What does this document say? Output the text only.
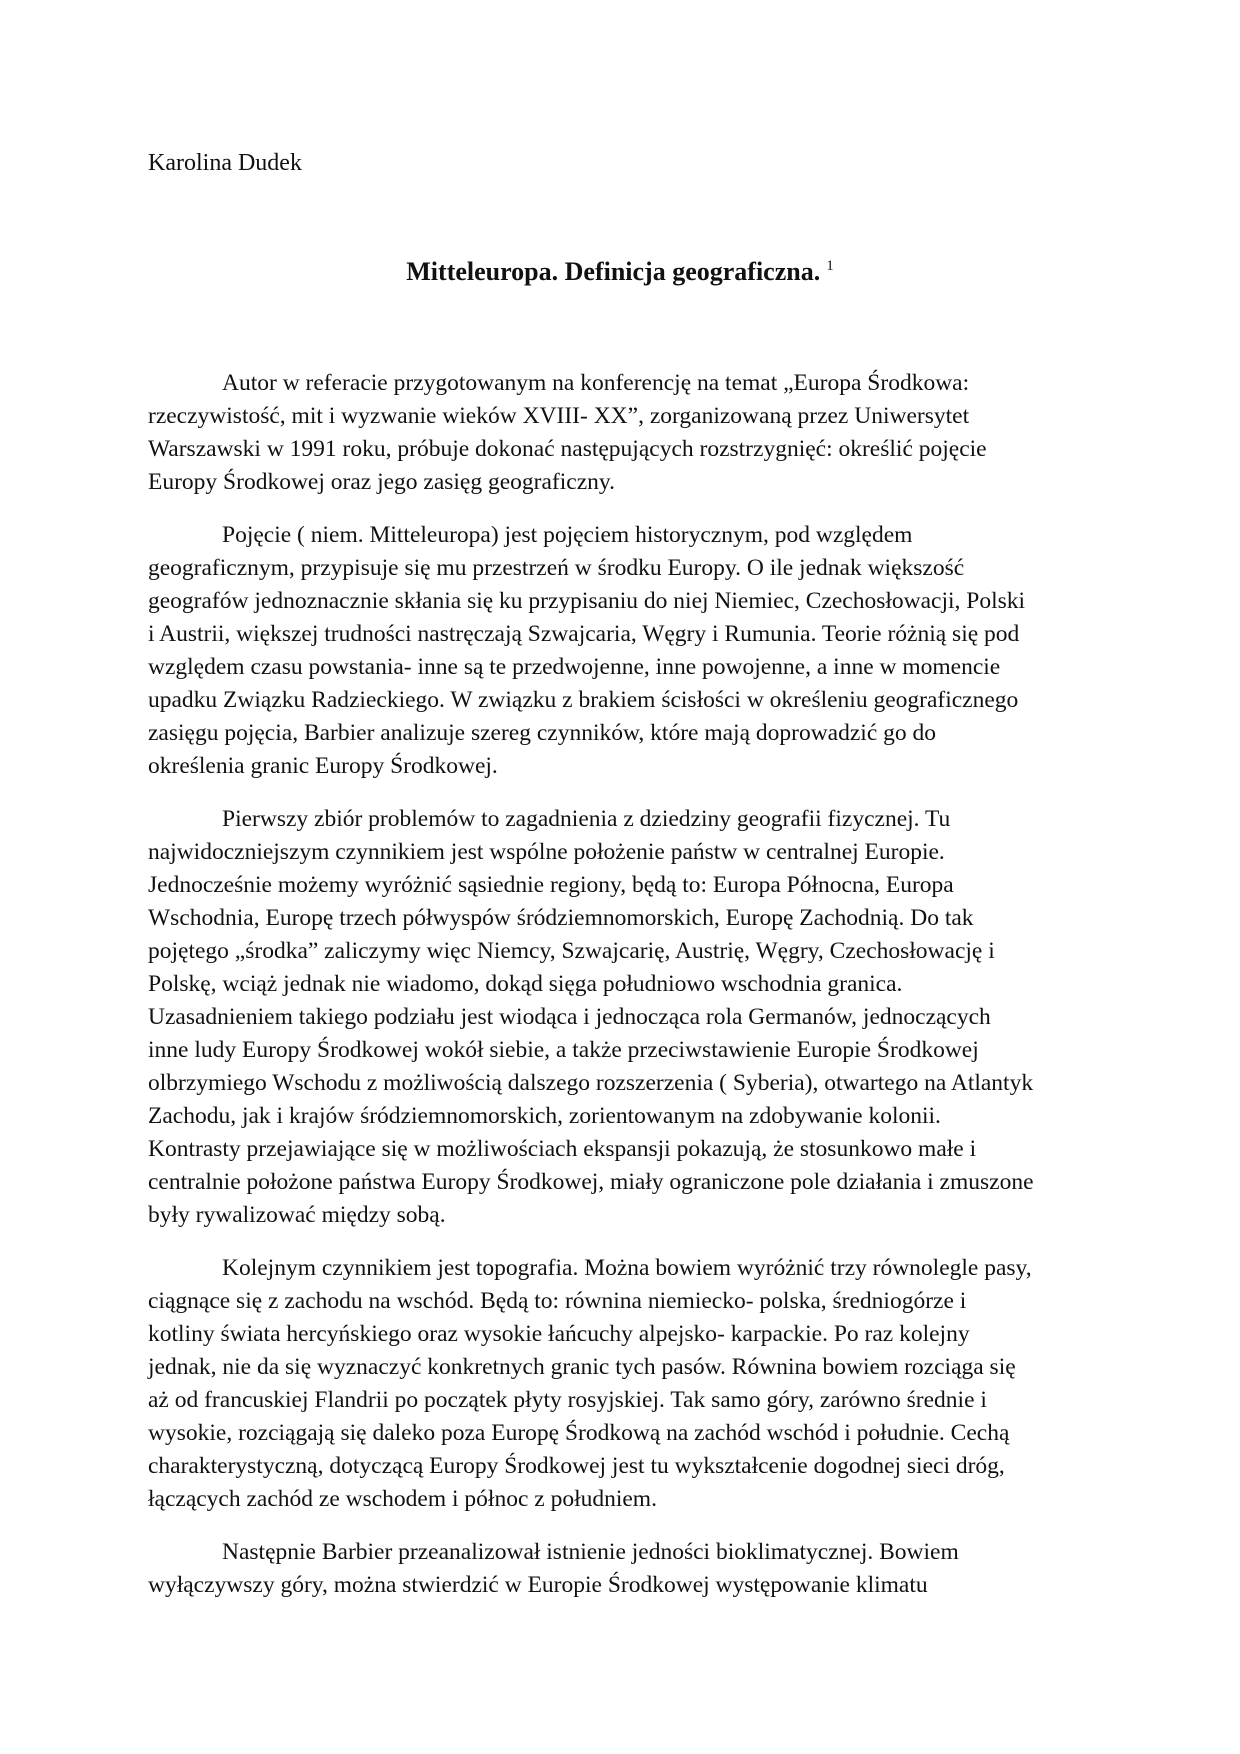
Karolina Dudek

Mitteleuropa. Definicja geograficzna. $^1$
Autor w referacie przygotowanym na konferencję na temat „Europa Środkowa:
rzeczywistość, mit i wyzwanie wieków XVIII- XX”, zorganizowaną przez Uniwersytet
Warszawski w 1991 roku, próbuje dokonać następujących rozstrzygnięć: określić pojęcie
Europy Środkowej oraz jego zasięg geograficzny.
Pojęcie ( niem. Mitteleuropa) jest pojęciem historycznym, pod względem
geograficznym, przypisuje się mu przestrzeń w środku Europy. O ile jednak większość
geografów jednoznacznie skłania się ku przypisaniu do niej Niemiec, Czechosłowacji, Polski
i Austrii, większej trudności nastręczają Szwajcaria, Węgry i Rumunia. Teorie różnią się pod
względem czasu powstania- inne są te przedwojenne, inne powojenne, a inne w momencie
upadku Związku Radzieckiego. W związku z brakiem ścisłości w określeniu geograficznego
zasięgu pojęcia, Barbier analizuje szereg czynników, które mają doprowadzić go do
określenia granic Europy Środkowej.
Pierwszy zbiór problemów to zagadnienia z dziedziny geografii fizycznej. Tu
najwidoczniejszym czynnikiem jest wspólne położenie państw w centralnej Europie.
Jednocześnie możemy wyróżnić sąsiednie regiony, będą to: Europa Północna, Europa
Wschodnia, Europę trzech półwyspów śródziemnomorskich, Europę Zachodnią. Do tak
pojętego „środka” zaliczymy więc Niemcy, Szwajcarię, Austrię, Węgry, Czechosłowację i
Polskę, wciąż jednak nie wiadomo, dokąd sięga południowo wschodnia granica.
Uzasadnieniem takiego podziału jest wiodąca i jednocząca rola Germanów, jednoczących
inne ludy Europy Środkowej wokół siebie, a także przeciwstawienie Europie Środkowej
olbrzymiego Wschodu z możliwością dalszego rozszerzenia ( Syberia), otwartego na Atlantyk
Zachodu, jak i krajów śródziemnomorskich, zorientowanym na zdobywanie kolonii.
Kontrasty przejawiające się w możliwościach ekspansji pokazują, że stosunkowo małe i
centralnie położone państwa Europy Środkowej, miały ograniczone pole działania i zmuszone
były rywalizować między sobą.
Kolejnym czynnikiem jest topografia. Można bowiem wyróżnić trzy równolegle pasy,
ciągnące się z zachodu na wschód. Będą to: równina niemiecko- polska, średniogórze i
kotliny świata hercyńskiego oraz wysokie łańcuchy alpejsko- karpackie. Po raz kolejny
jednak, nie da się wyznaczyć konkretnych granic tych pasów. Równina bowiem rozciąga się
aż od francuskiej Flandrii po początek płyty rosyjskiej. Tak samo góry, zarówno średnie i
wysokie, rozciągają się daleko poza Europę Środkową na zachód wschód i południe. Cechą
charakterystyczną, dotyczącą Europy Środkowej jest tu wykształcenie dogodnej sieci dróg,
łączących zachód ze wschodem i północ z południem.
Następnie Barbier przeanalizował istnienie jedności bioklimatycznej. Bowiem
wyłączywszy góry, można stwierdzić w Europie Środkowej występowanie klimatu
